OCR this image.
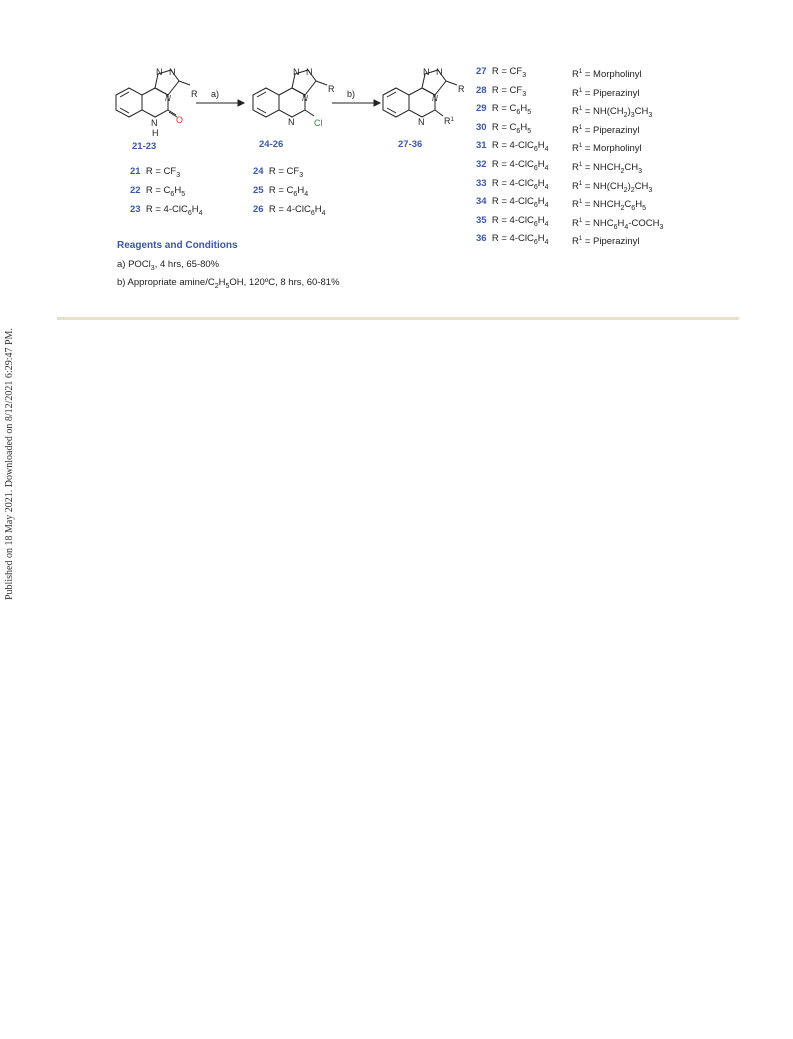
Published on 18 May 2021. Downloaded on 8/12/2021 6:29:47 PM.
N N
N R
N
H
O
N N
N
R
N Cl
N N
N
R
N $R^1$
a)	b)
21-23	24-26	27-36
21  $R = CF_3$
22  $R = C_6H_5$
23  $R = 4-ClC_6H_4$
24  $R = CF_3$
25  $R = C_6H_4$
26  $R = 4-ClC_6H_4$
27  $R = CF_3$	$R^1$ = Morpholinyl
28  $R = CF_3$	$R^1$ = Piperazinyl
29  $R = C_6H_5$	$R^1 = NH(CH_2)_3CH_3$
30  $R = C_6H_5$	$R^1$ = Piperazinyl
31  $R = 4-ClC_6H_4$ $R^1$ = Morpholinyl
32  $R = 4-ClC_6H_4$ $R^1$ = $NHCH_2CH_3$
33  $R = 4-ClC_6H_4$ $R^1 = NH(CH_2)_2CH_3$
34  $R = 4-ClC_6H_4$ $R^1$ = $NHCH_2C_6H_5$
35  $R = 4-ClC_6H_4$ $R^1$ = $NHC_6H_4-COCH_3$
36  $R = 4-ClC_6H_4$ $R^1$ = Piperazinyl
Reagents and Conditions
a) POCl$_3$, 4 hrs, 65-80%
b) Appropriate amine/$C_2H_5OH$, 120ºC, 8 hrs, 60-81%
